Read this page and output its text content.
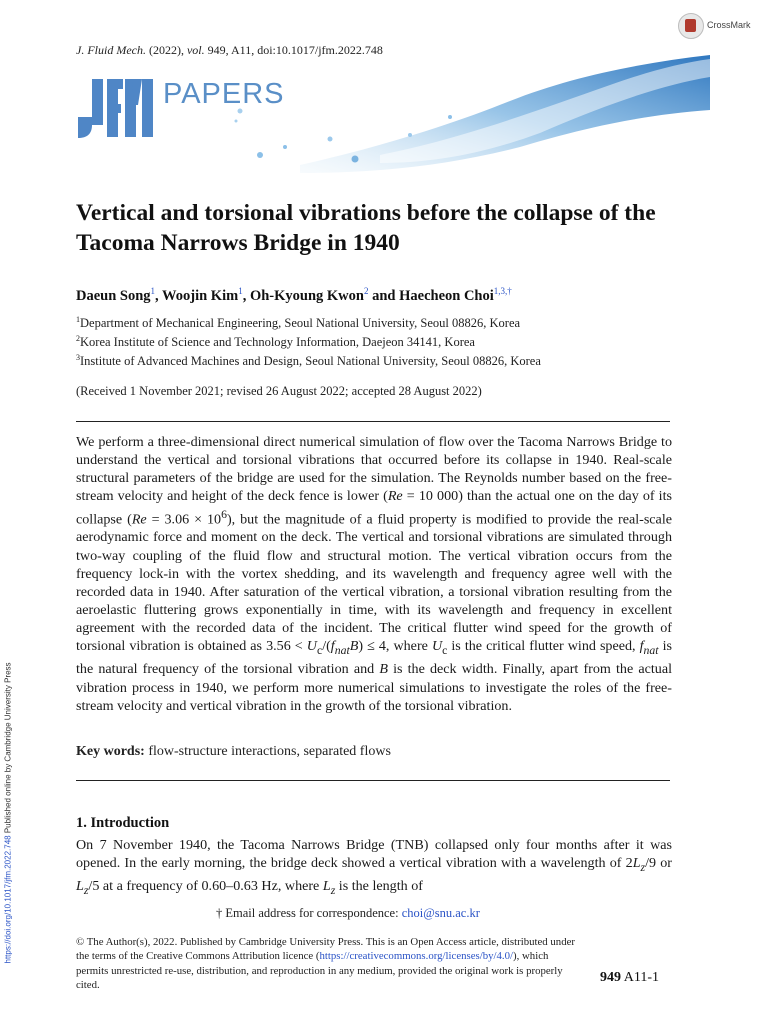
J. Fluid Mech. (2022), vol. 949, A11, doi:10.1017/jfm.2022.748
CrossMark
PAPERS
Vertical and torsional vibrations before the collapse of the Tacoma Narrows Bridge in 1940
Daeun Song$^1$, Woojin Kim$^1$, Oh-Kyoung Kwon$^2$ and Haecheon Choi$^{1,3,\dagger}$
$^1$Department of Mechanical Engineering, Seoul National University, Seoul 08826, Korea
$^2$Korea Institute of Science and Technology Information, Daejeon 34141, Korea
$^3$Institute of Advanced Machines and Design, Seoul National University, Seoul 08826, Korea
(Received 1 November 2021; revised 26 August 2022; accepted 28 August 2022)

We perform a three-dimensional direct numerical simulation of flow over the Tacoma Narrows Bridge to understand the vertical and torsional vibrations that occurred before its collapse in 1940. Real-scale structural parameters of the bridge are used for the simulation. The Reynolds number based on the free-stream velocity and height of the deck fence is lower (Re = 10 000) than the actual one on the day of its collapse $(Re = 3.06 \times 10^6)$, but the magnitude of a fluid property is modified to provide the real-scale aerodynamic force and moment on the deck. The vertical and torsional vibrations are simulated through two-way coupling of the fluid flow and structural motion. The vertical vibration occurs from the frequency lock-in with the vortex shedding, and its wavelength and frequency agree well with the recorded data in 1940. After saturation of the vertical vibration, a torsional vibration resulting from the aeroelastic fluttering grows exponentially in time, with its wavelength and frequency in excellent agreement with the recorded data of the incident. The critical flutter wind speed for the growth of torsional vibration is obtained as $3.56 < U_c/(f_{nat}B) \le 4$, where $U_c$ is the critical flutter wind speed, $f_{nat}$ is the natural frequency of the torsional vibration and B is the deck width. Finally, apart from the actual vibration process in 1940, we perform more numerical simulations to investigate the roles of the free-stream velocity and vertical vibration in the growth of the torsional vibration.

Key words: flow-structure interactions, separated flows
1. Introduction

On 7 November 1940, the Tacoma Narrows Bridge (TNB) collapsed only four months after it was opened. In the early morning, the bridge deck showed a vertical vibration with a wavelength of $2L_z/9$ or $L_z/5$ at a frequency of 0.60–0.63 Hz, where $L_z$ is the length of

† Email address for correspondence: choi@snu.ac.kr

© The Author(s), 2022. Published by Cambridge University Press. This is an Open Access article, distributed under the terms of the Creative Commons Attribution licence (https://creativecommons.org/licenses/by/4.0/), which permits unrestricted re-use, distribution, and reproduction in any medium, provided the original work is properly cited.	949 A11-1
https://doi.org/10.1017/jfm.2022.748 Published online by Cambridge University Press
